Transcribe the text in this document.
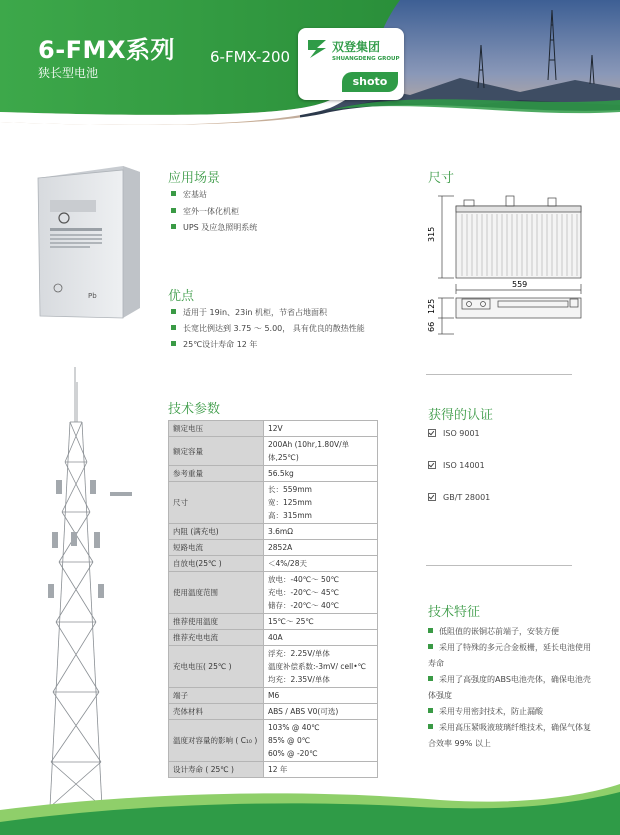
6-FMX系列
狭长型电池
6-FMX-200
双登集团
SHUANGDENG GROUP
shoto
Pb
应用场景
宏基站
室外一体化机柜
UPS 及应急照明系统
优点
适用于 19in、23in 机柜，节省占地面积
长宽比例达到 3.75 ～ 5.00， 具有优良的散热性能
25℃设计寿命 12 年
尺寸
315
559
125
66
技术参数
额定电压	12V

额定容量	200Ah (10hr,1.80V/单体,25℃)

参考重量	56.5kg

尺寸	长：559mm
宽：125mm
高：315mm

内阻 (满充电)	3.6mΩ

短路电流	2852A

自放电(25℃ )	＜4%/28天

使用温度范围	放电：-40℃～ 50℃
充电：-20℃～ 45℃
储存：-20℃～ 40℃

推荐使用温度	15℃～ 25℃

推荐充电电流	40A

充电电压( 25℃ )	浮充：2.25V/单体
温度补偿系数:-3mV/ cell•℃
均充：2.35V/单体

端子	M6

壳体材料	ABS / ABS V0(可选)

温度对容量的影响 ( C₁₀ )	103% @ 40℃
85% @ 0℃
60% @ -20℃

设计寿命 ( 25℃ )	12 年
获得的认证
ISO 9001
ISO 14001
GB/T 28001
技术特征
低阻值的嵌铜芯前端子，安装方便
采用了特殊的多元合金板栅，延长电池使用寿命
采用了高强度的ABS电池壳体，确保电池壳体强度
采用专用密封技术，防止漏酸
采用高压紧吸液玻璃纤维技术，确保气体复合效率 99% 以上
